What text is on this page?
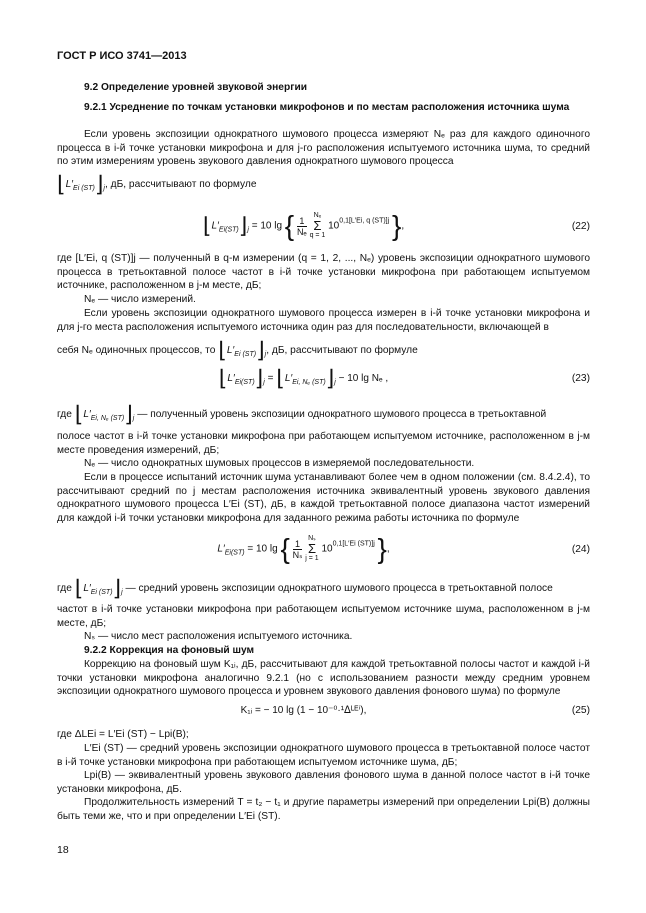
ГОСТ Р ИСО 3741—2013
9.2 Определение уровней звуковой энергии
9.2.1 Усреднение по точкам установки микрофонов и по местам расположения источника шума
Если уровень экспозиции однократного шумового процесса измеряют Nₑ раз для каждого одиночного процесса в i-й точке установки микрофона и для j-го расположения испытуемого источника шума, то средний по этим измерениям уровень звукового давления однократного шумового процесса
$⌊L'_{Ei (ST)}⌋_j$, дБ, рассчитывают по формуле
$⌊L'_{Ei(ST)}⌋_j = 10$ lg { $\frac{1}{\text{Nₑ}}$
Nₑ
Σ
q = 1
$10^{0,1[L'Ei, q (ST)]j}$ },	(22)
где [L′Ei, q (ST)]j — полученный в q-м измерении (q = 1, 2, ..., Nₑ) уровень экспозиции однократного шумового процесса в третьоктавной полосе частот в i-й точке установки микрофона при работающем испытуемом источнике, расположенном в j-м месте, дБ;
Nₑ — число измерений.
Если уровень экспозиции однократного шумового процесса измерен в i-й точке установки микрофона и для j-го места расположения испытуемого источника один раз для последовательности, включающей в
себя Nₑ одиночных процессов, то $⌊L'_{Ei (ST)}⌋_j$, дБ, рассчитывают по формуле
$⌊L'_{Ei(ST)}⌋_j$ = $⌊L'_{Ei, N_e (ST)}⌋_j - 10$ lg Nₑ ,	(23)
где $⌊L'_{Ei, N_e (ST)}⌋_j$ — полученный уровень экспозиции однократного шумового процесса в третьоктавной
полосе частот в i-й точке установки микрофона при работающем испытуемом источнике, расположенном в j-м месте проведения измерений, дБ;
Nₑ — число однократных шумовых процессов в измеряемой последовательности.
Если в процессе испытаний источник шума устанавливают более чем в одном положении (см. 8.4.2.4), то рассчитывают средний по j местам расположения источника эквивалентный уровень звукового давления однократного шумового процесса L′Ei (ST), дБ, в каждой третьоктавной полосе диапазона частот измерений для каждой i-й точки установки микрофона для заданного режима работы источника по формуле
$L'_{Ei(ST)} = 10$ lg { $\frac{1}{\text{Nₛ}}$
Nₛ
Σ
j = 1
$10^{0,1[L'Ei (ST)]j}$ },	(24)
где $⌊L'_{Ei (ST)}⌋_j$ — средний уровень экспозиции однократного шумового процесса в третьоктавной полосе
частот в i-й точке установки микрофона при работающем испытуемом источнике шума, расположенном в j-м месте, дБ;
Nₛ — число мест расположения испытуемого источника.
9.2.2 Коррекция на фоновый шум
Коррекцию на фоновый шум K₁ᵢ, дБ, рассчитывают для каждой третьоктавной полосы частот и каждой i-й точки установки микрофона аналогично 9.2.1 (но с использованием разности между средним уровнем экспозиции однократного шумового процесса и уровнем звукового давления фонового шума) по формуле
K₁ᵢ = − 10 lg (1 − 10⁻⁰·¹ᐃᴸᴱⁱ),	(25)
где ΔLEi = L′Ei (ST) − Lpi(B);
L′Ei (ST) — средний уровень экспозиции однократного шумового процесса в третьоктавной полосе частот в i-й точке установки микрофона при работающем испытуемом источнике шума, дБ;
Lpi(B) — эквивалентный уровень звукового давления фонового шума в данной полосе частот в i-й точке установки микрофона, дБ.
Продолжительность измерений T = t₂ − t₁ и другие параметры измерений при определении Lpi(B) должны быть теми же, что и при определении L′Ei (ST).
18
